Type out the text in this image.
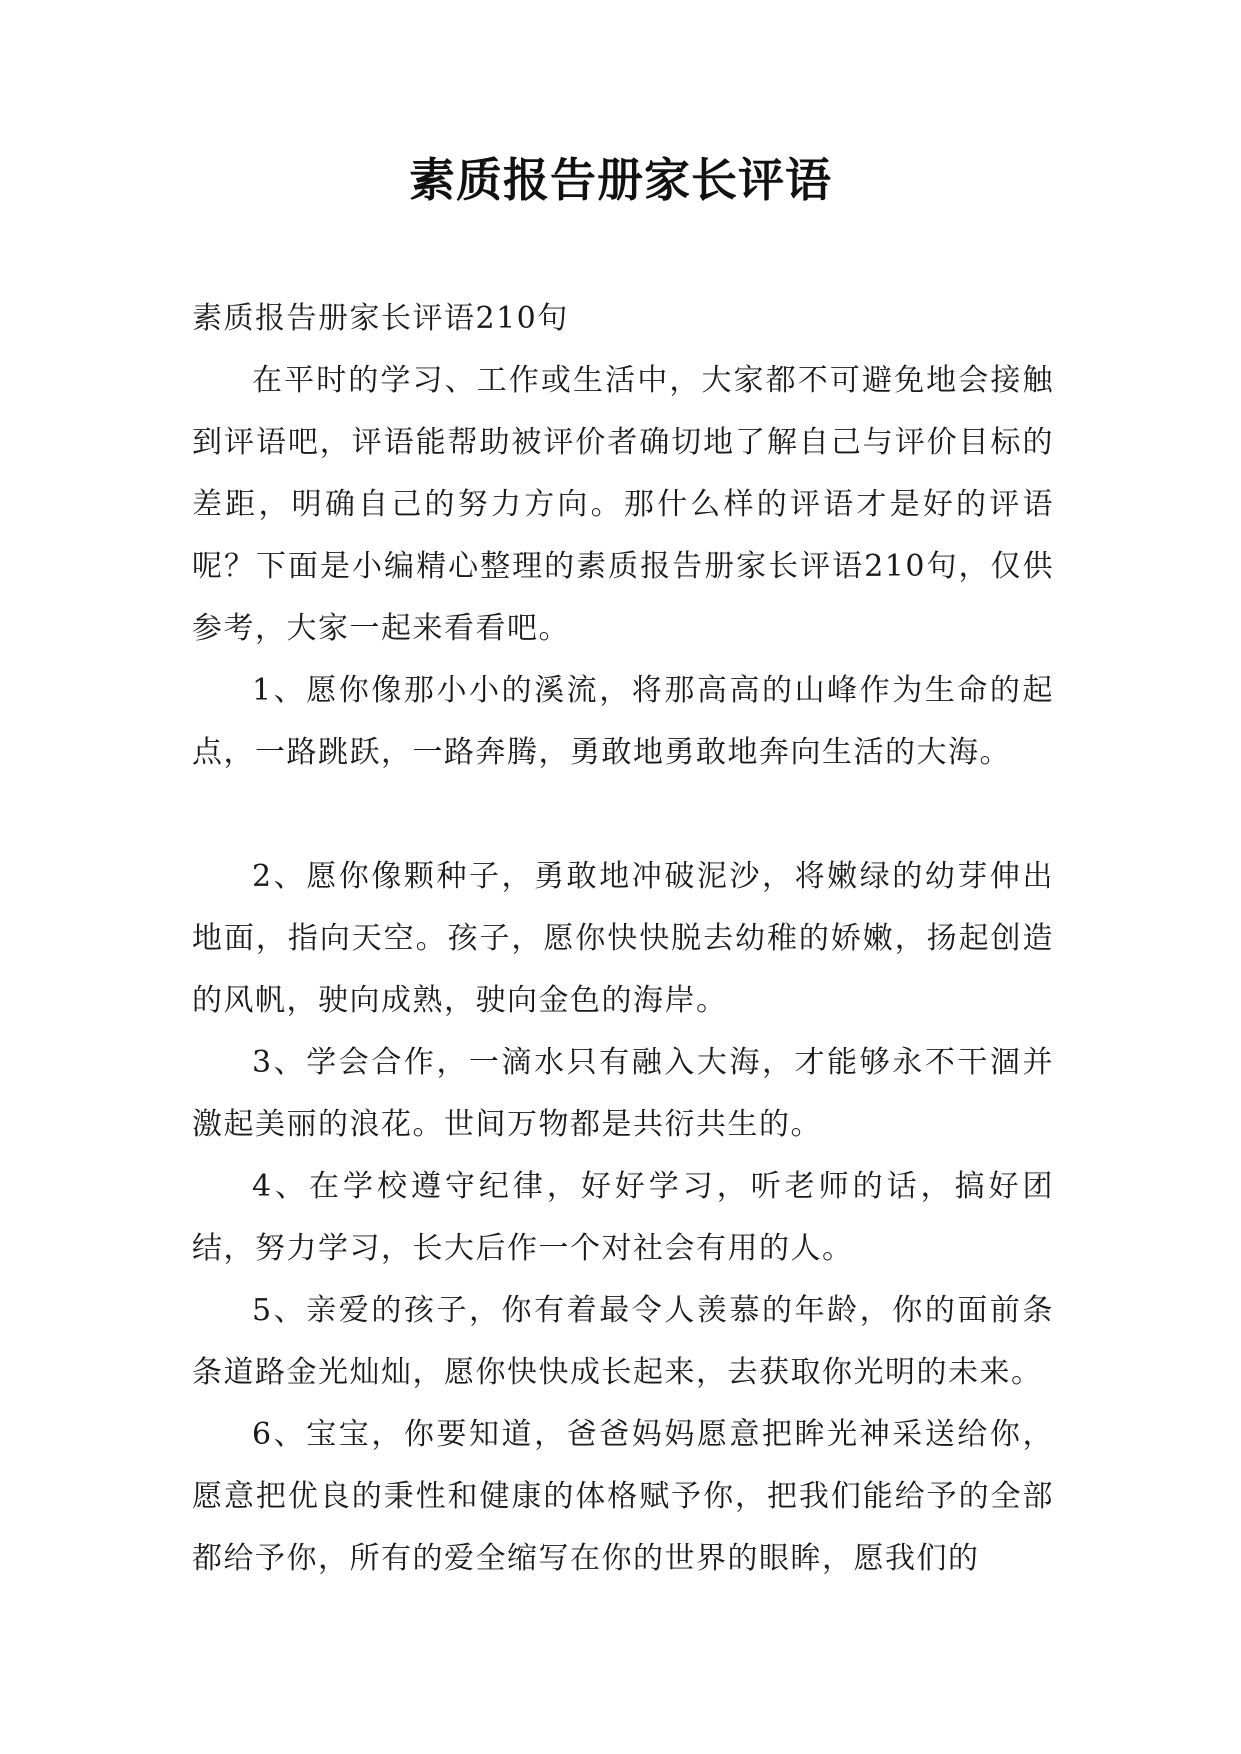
素质报告册家长评语

素质报告册家长评语210句

在平时的学习、工作或生活中，大家都不可避免地会接触到评语吧，评语能帮助被评价者确切地了解自己与评价目标的差距，明确自己的努力方向。那什么样的评语才是好的评语呢？下面是小编精心整理的素质报告册家长评语210句，仅供参考，大家一起来看看吧。

1、愿你像那小小的溪流，将那高高的山峰作为生命的起点，一路跳跃，一路奔腾，勇敢地勇敢地奔向生活的大海。

2、愿你像颗种子，勇敢地冲破泥沙，将嫩绿的幼芽伸出地面，指向天空。孩子，愿你快快脱去幼稚的娇嫩，扬起创造的风帆，驶向成熟，驶向金色的海岸。

3、学会合作，一滴水只有融入大海，才能够永不干涸并激起美丽的浪花。世间万物都是共衍共生的。

4、在学校遵守纪律，好好学习，听老师的话，搞好团结，努力学习，长大后作一个对社会有用的人。

5、亲爱的孩子，你有着最令人羡慕的年龄，你的面前条条道路金光灿灿，愿你快快成长起来，去获取你光明的未来。

6、宝宝，你要知道，爸爸妈妈愿意把眸光神采送给你，愿意把优良的秉性和健康的体格赋予你，把我们能给予的全部都给予你，所有的爱全缩写在你的世界的眼眸，愿我们的
